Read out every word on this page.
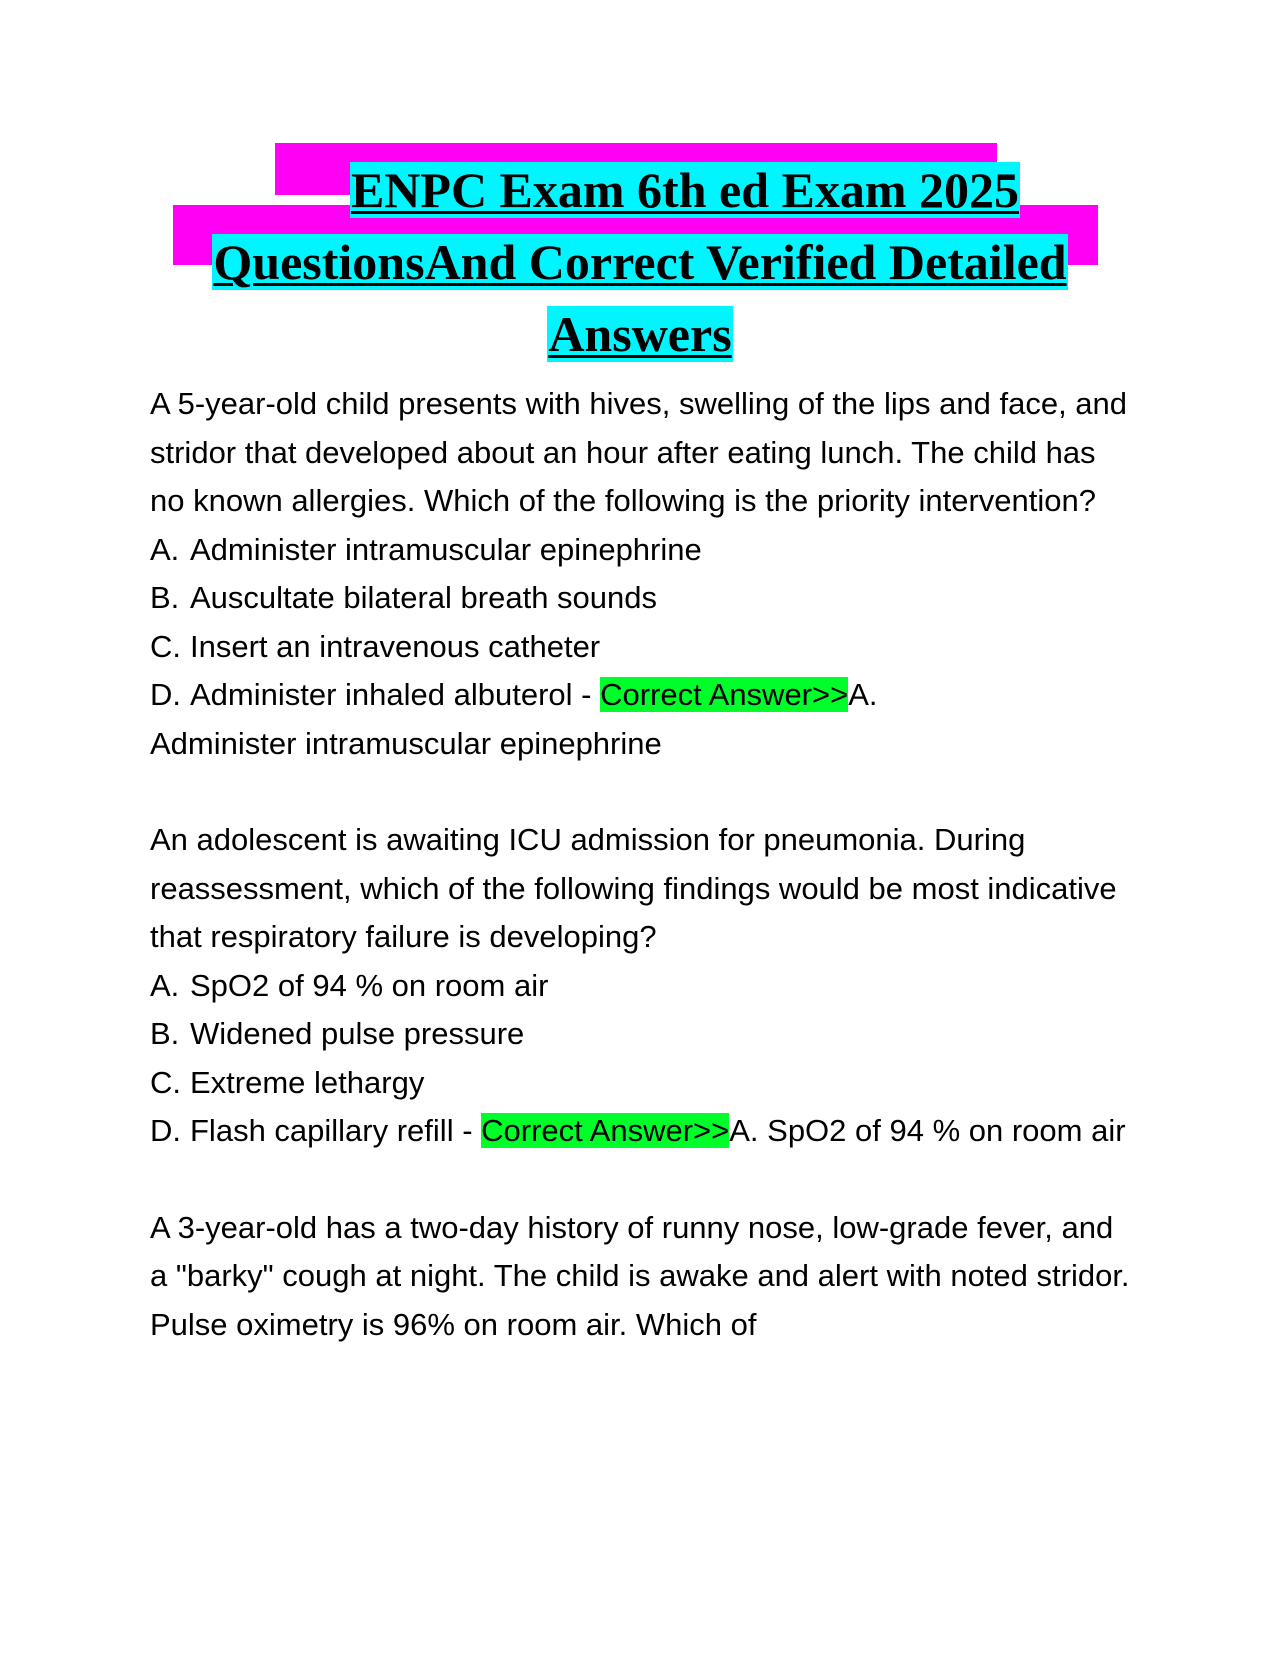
ENPC Exam 6th ed Exam 2025
QuestionsAnd Correct Verified Detailed
Answers

A 5-year-old child presents with hives, swelling of the lips and face, and stridor that developed about an hour after eating lunch. The child has no known allergies. Which of the following is the priority intervention?

A. Administer intramuscular epinephrine
B. Auscultate bilateral breath sounds
C. Insert an intravenous catheter
D. Administer inhaled albuterol - Correct Answer>>A.

Administer intramuscular epinephrine

An adolescent is awaiting ICU admission for pneumonia. During reassessment, which of the following findings would be most indicative that respiratory failure is developing?

A. SpO2 of 94 % on room air
B. Widened pulse pressure
C. Extreme lethargy
D. Flash capillary refill - Correct Answer>>A. SpO2 of 94 % on room air

A 3-year-old has a two-day history of runny nose, low-grade fever, and a "barky" cough at night. The child is awake and alert with noted stridor. Pulse oximetry is 96% on room air. Which of
